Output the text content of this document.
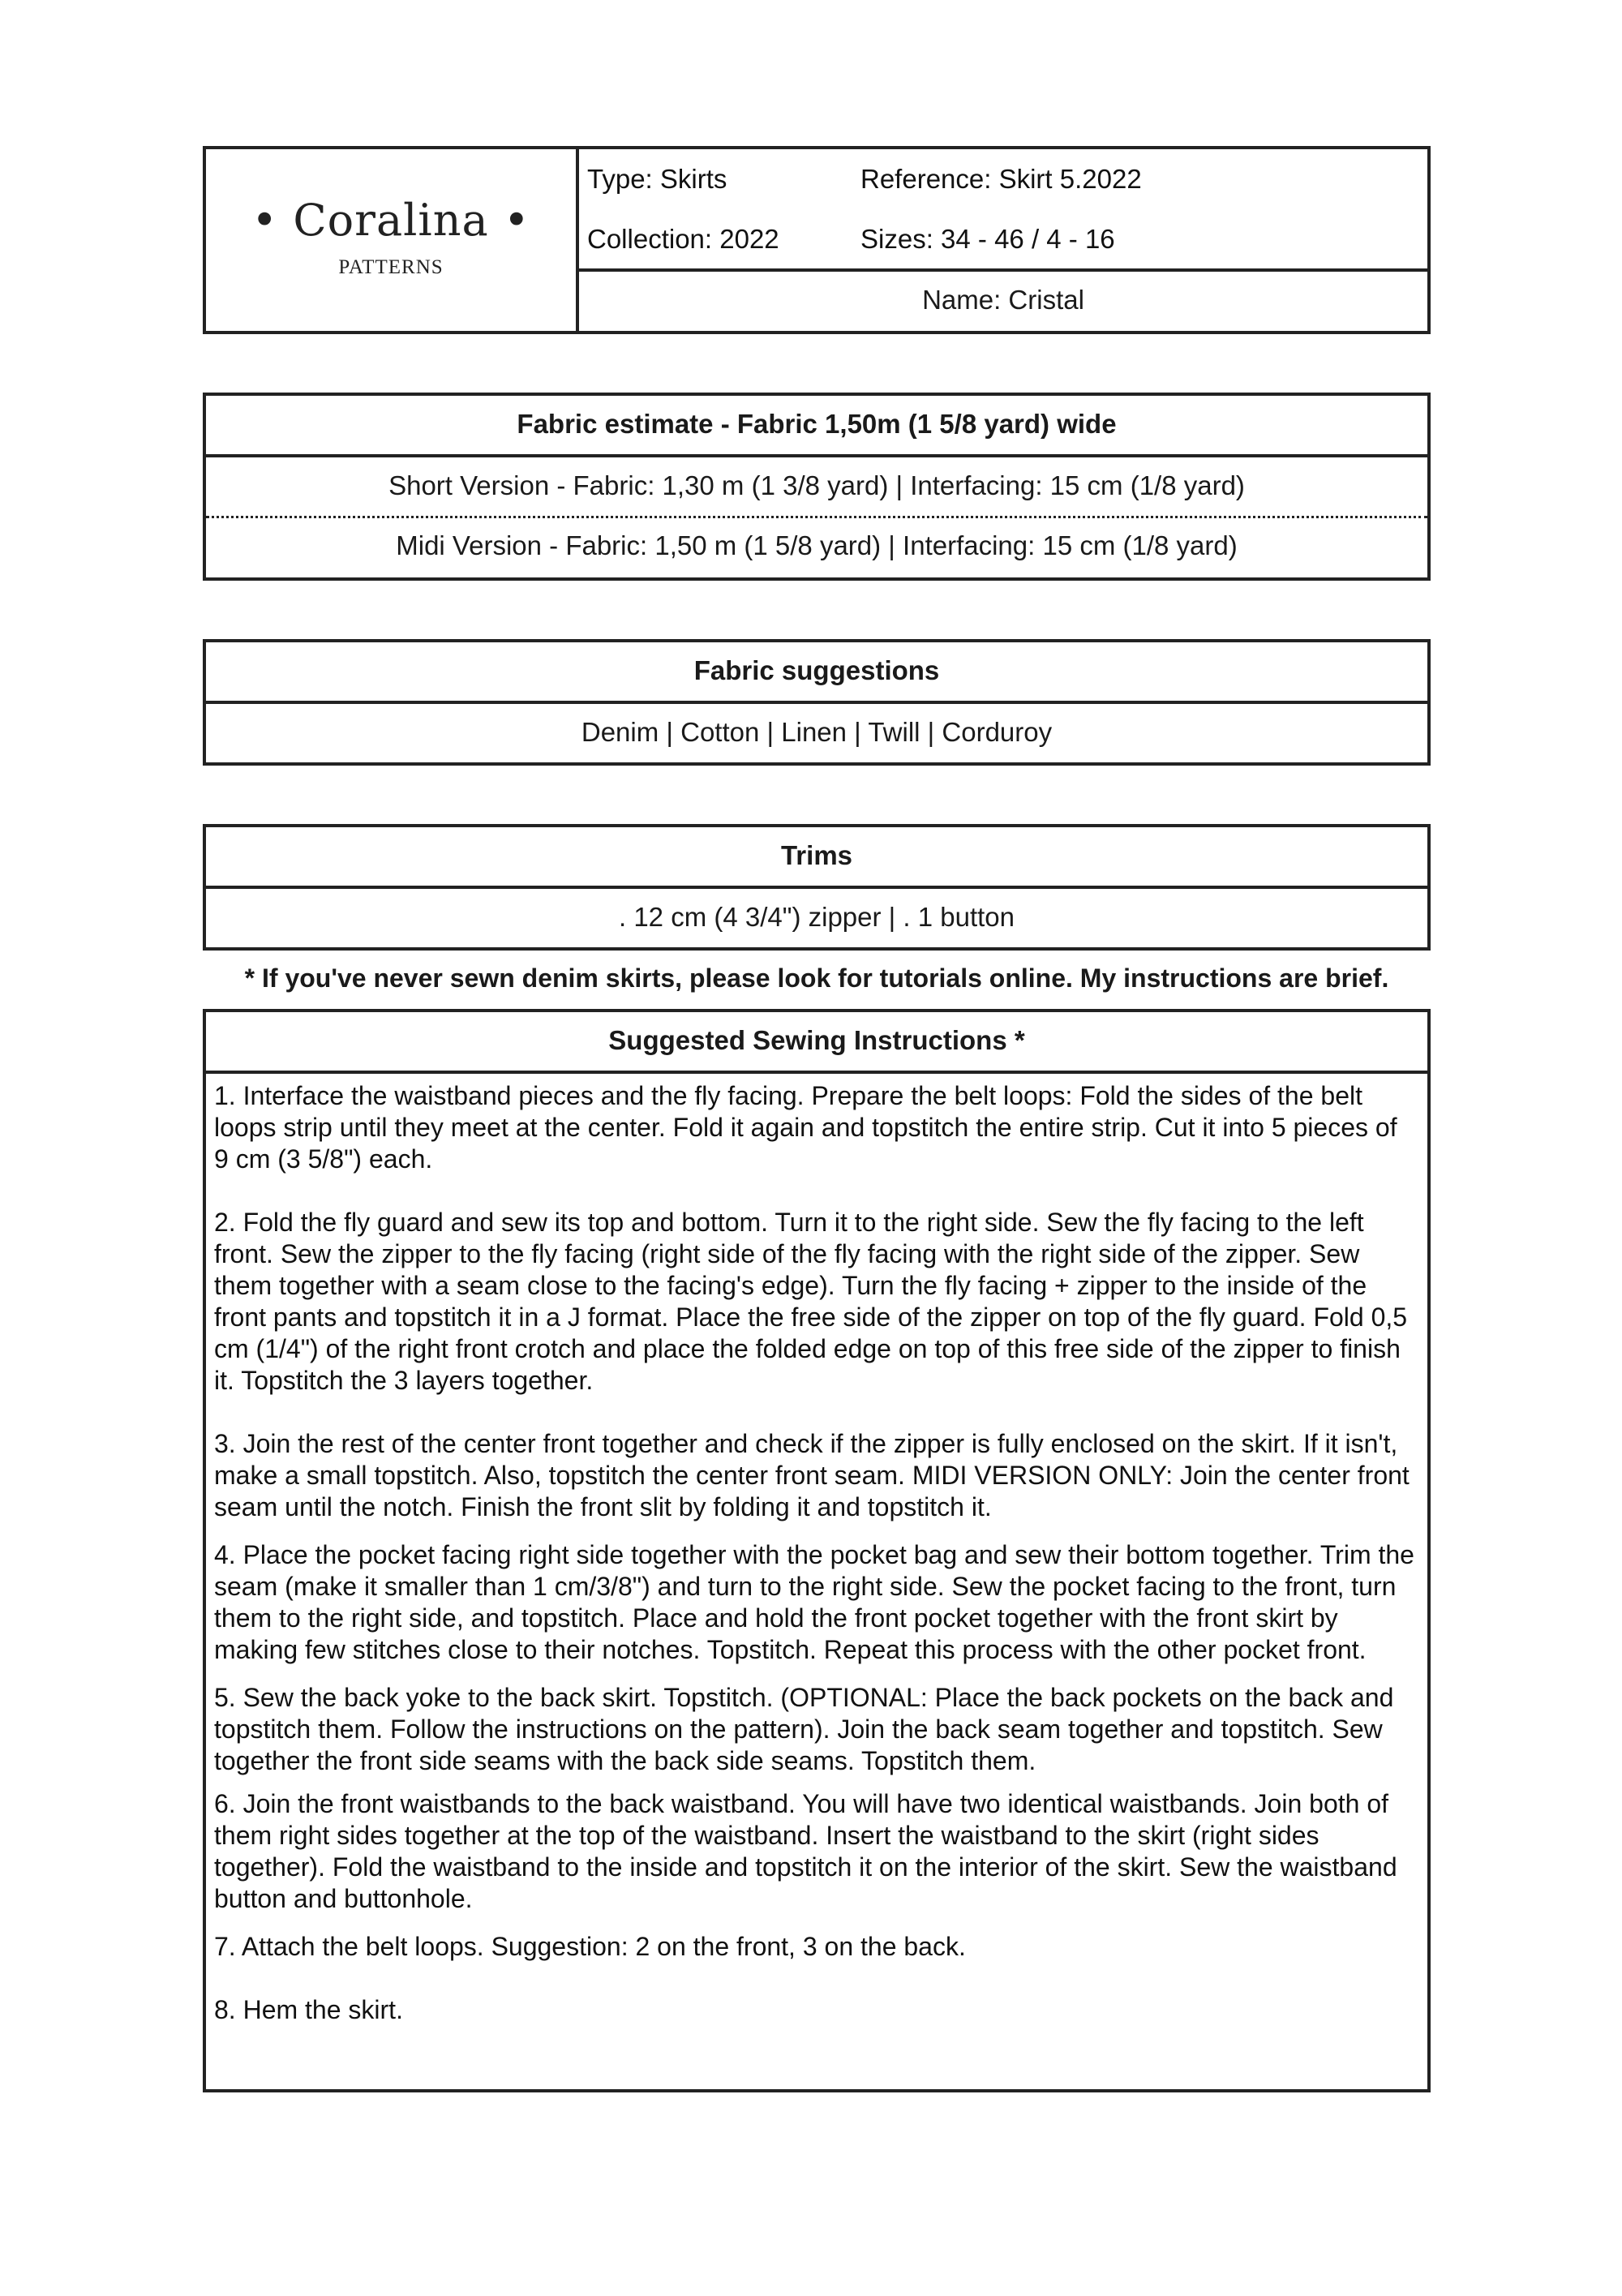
• Coralina •
PATTERNS
Type: Skirts	Reference: Skirt 5.2022
Collection: 2022	Sizes: 34 - 46 / 4 - 16
Name: Cristal
Fabric estimate - Fabric 1,50m (1 5/8 yard) wide
Short Version - Fabric: 1,30 m (1 3/8 yard) | Interfacing: 15 cm (1/8 yard)
Midi Version - Fabric: 1,50 m (1 5/8 yard) | Interfacing: 15 cm (1/8 yard)
Fabric suggestions
Denim | Cotton | Linen | Twill | Corduroy
Trims
. 12 cm (4 3/4") zipper | . 1 button
* If you've never sewn denim skirts, please look for tutorials online. My instructions are brief.
Suggested Sewing Instructions *

1. Interface the waistband pieces and the fly facing. Prepare the belt loops: Fold the sides of the belt loops strip until they meet at the center. Fold it again and topstitch the entire strip. Cut it into 5 pieces of 9 cm (3 5/8") each.

2. Fold the fly guard and sew its top and bottom. Turn it to the right side. Sew the fly facing to the left front. Sew the zipper to the fly facing (right side of the fly facing with the right side of the zipper. Sew them together with a seam close to the facing's edge). Turn the fly facing + zipper to the inside of the front pants and topstitch it in a J format. Place the free side of the zipper on top of the fly guard. Fold 0,5 cm (1/4") of the right front crotch and place the folded edge on top of this free side of the zipper to finish it. Topstitch the 3 layers together.

3. Join the rest of the center front together and check if the zipper is fully enclosed on the skirt. If it isn't, make a small topstitch. Also, topstitch the center front seam. MIDI VERSION ONLY: Join the center front seam until the notch. Finish the front slit by folding it and topstitch it.

4. Place the pocket facing right side together with the pocket bag and sew their bottom together. Trim the seam (make it smaller than 1 cm/3/8") and turn to the right side. Sew the pocket facing to the front, turn them to the right side, and topstitch. Place and hold the front pocket together with the front skirt by making few stitches close to their notches. Topstitch. Repeat this process with the other pocket front.

5. Sew the back yoke to the back skirt. Topstitch. (OPTIONAL: Place the back pockets on the back and topstitch them. Follow the instructions on the pattern). Join the back seam together and topstitch. Sew together the front side seams with the back side seams. Topstitch them.

6. Join the front waistbands to the back waistband. You will have two identical waistbands. Join both of them right sides together at the top of the waistband. Insert the waistband to the skirt (right sides together). Fold the waistband to the inside and topstitch it on the interior of the skirt. Sew the waistband button and buttonhole.

7. Attach the belt loops. Suggestion: 2 on the front, 3 on the back.

8. Hem the skirt.
